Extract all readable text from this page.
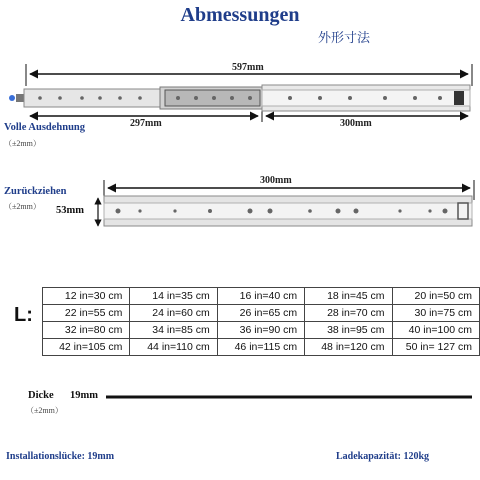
Abmessungen
外形寸法
597mm
297mm	300mm
Volle Ausdehnung
（±2mm）
300mm
Zurückziehen
（±2mm） 53mm
L:
12 in=30 cm	14 in=35 cm	16 in=40 cm	18 in=45 cm	20 in=50 cm
22 in=55 cm	24 in=60 cm	26 in=65 cm	28 in=70 cm	30 in=75 cm
32 in=80 cm	34 in=85 cm	36 in=90 cm	38 in=95 cm	40 in=100 cm
42 in=105 cm	44 in=110 cm	46 in=115 cm	48 in=120 cm	50 in= 127 cm
Dicke 19mm
（±2mm）
Installationslücke: 19mm	Ladekapazität: 120kg
